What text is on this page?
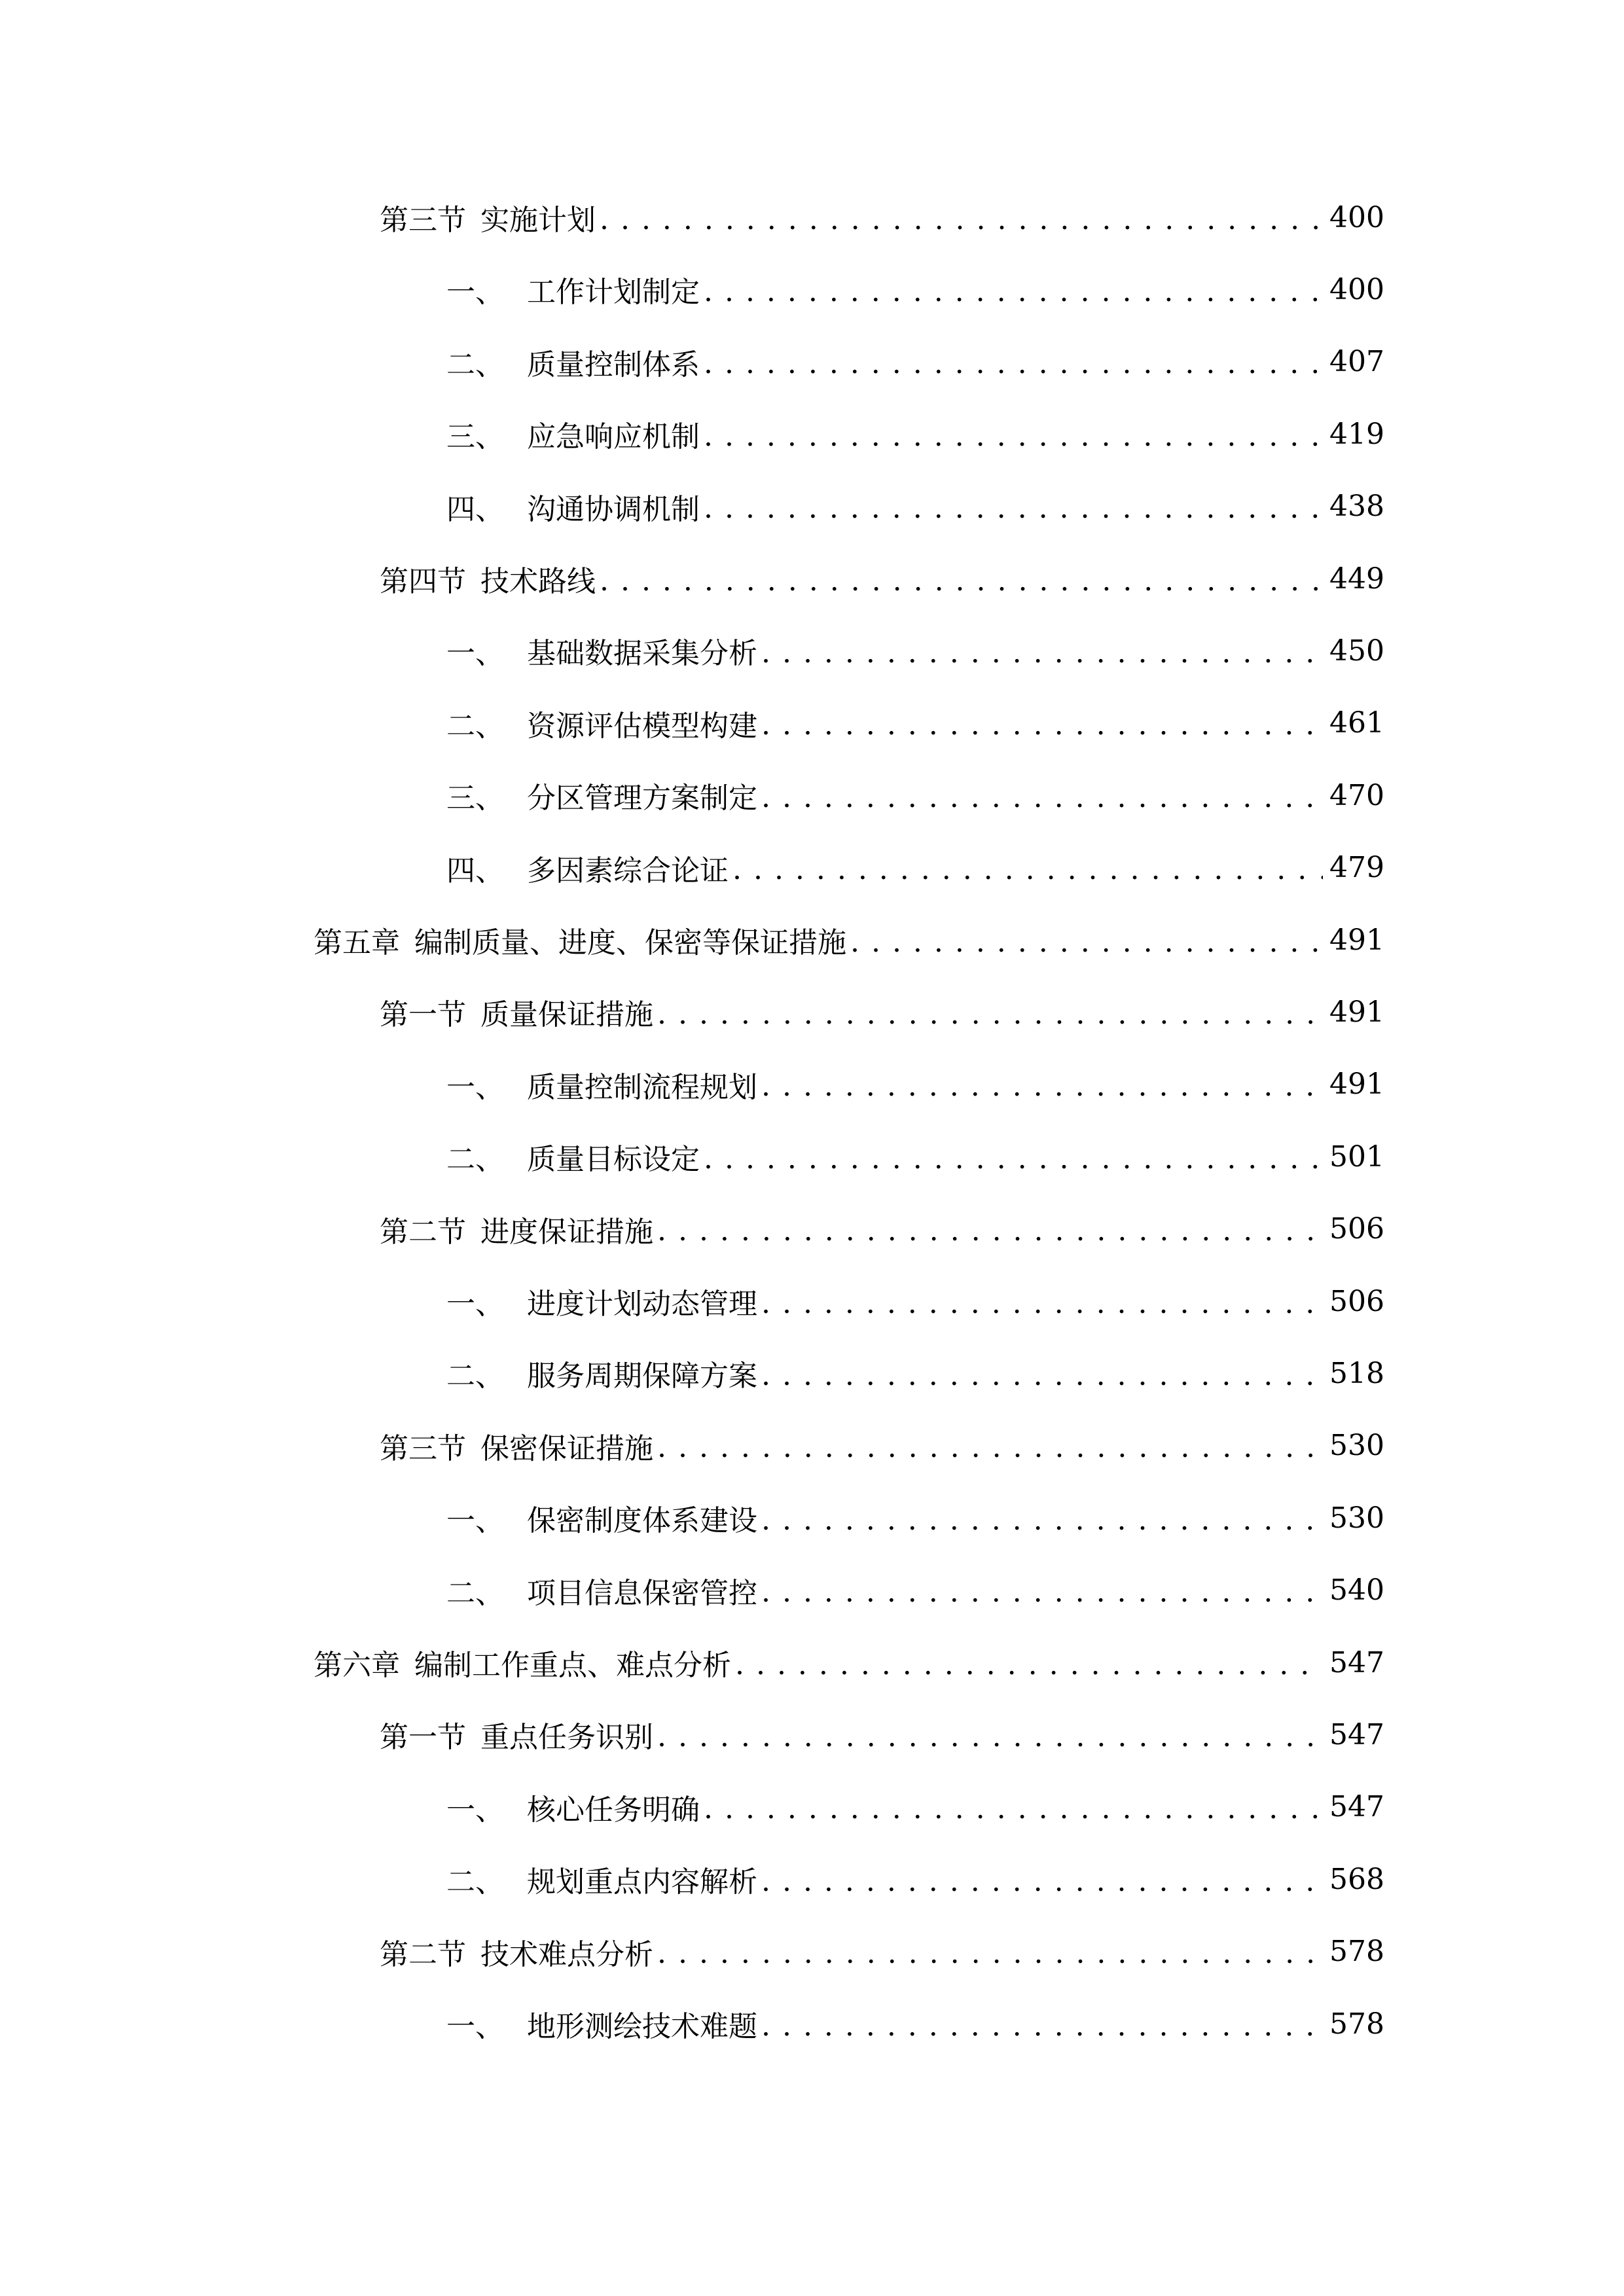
第三节 实施计划 . . .	400
一、 工作计划制定 . . .	400
二、 质量控制体系 . . .	407
三、 应急响应机制 . . .	419
四、 沟通协调机制 . . .	438
第四节 技术路线 . . .	449
一、 基础数据采集分析 . . .	450
二、 资源评估模型构建 . . .	461
三、 分区管理方案制定 . . .	470
四、 多因素综合论证 . . .	479
第五章 编制质量、进度、保密等保证措施 . . .	491
第一节 质量保证措施 . . .	491
一、 质量控制流程规划 . . .	491
二、 质量目标设定 . . .	501
第二节 进度保证措施 . . .	506
一、 进度计划动态管理 . . .	506
二、 服务周期保障方案 . . .	518
第三节 保密保证措施 . . .	530
一、 保密制度体系建设 . . .	530
二、 项目信息保密管控 . . .	540
第六章 编制工作重点、难点分析 . . .	547
第一节 重点任务识别 . . .	547
一、 核心任务明确 . . .	547
二、 规划重点内容解析 . . .	568
第二节 技术难点分析 . . .	578
一、 地形测绘技术难题 . . .	578
